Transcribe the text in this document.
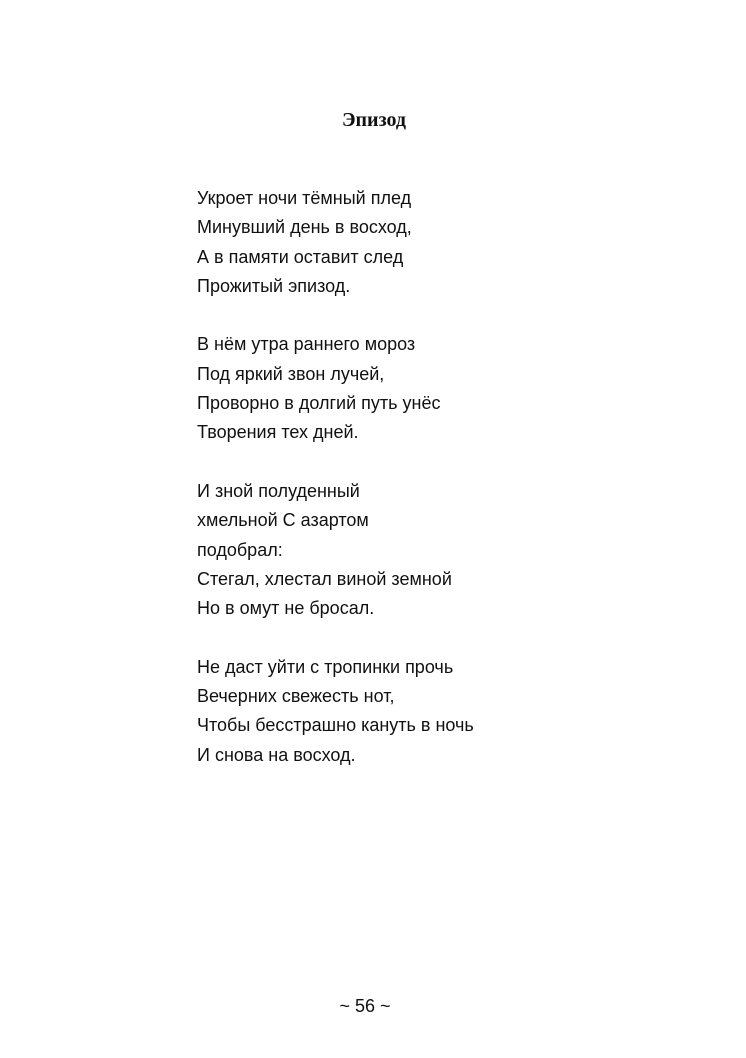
Эпизод

Укроет ночи тёмный плед
Минувший день в восход,
А в памяти оставит след
Прожитый эпизод.

В нём утра раннего мороз
Под яркий звон лучей,
Проворно в долгий путь унёс
Творения тех дней.

И зной полуденный
хмельной С азартом
подобрал:
Стегал, хлестал виной земной
Но в омут не бросал.

Не даст уйти с тропинки прочь
Вечерних свежесть нот,
Чтобы бесстрашно кануть в ночь
И снова на восход.

~ 56 ~
